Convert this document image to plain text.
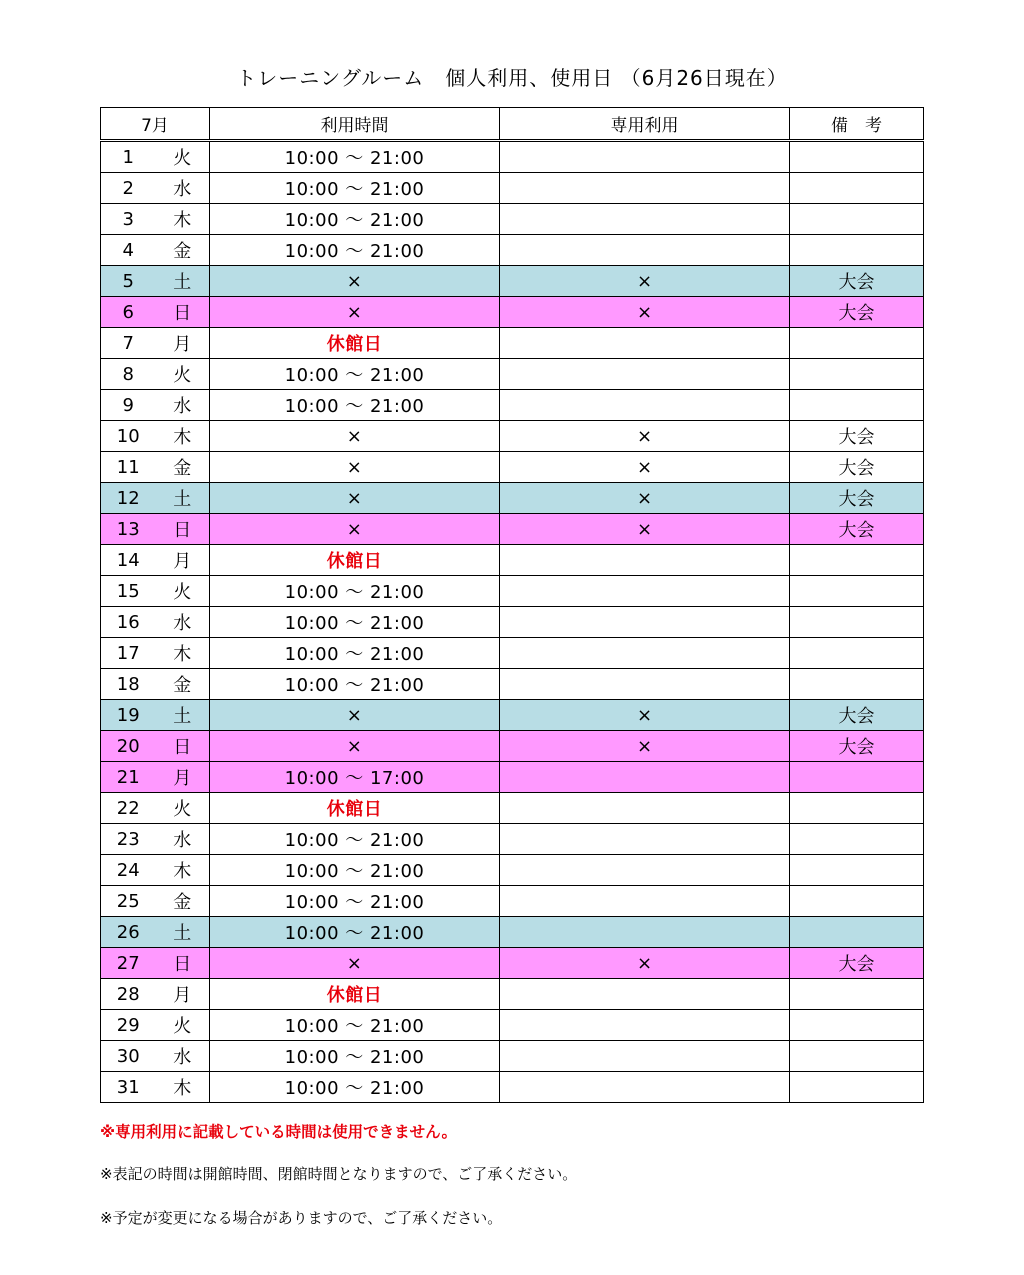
トレーニングルーム　個人利用、使用日 （6月26日現在）
7月		利用時間	専用利用	備　考
1	火	10:00 ～ 21:00		
2	水	10:00 ～ 21:00		
3	木	10:00 ～ 21:00		
4	金	10:00 ～ 21:00		
5	土	×	×	大会
6	日	×	×	大会
7	月	休館日		
8	火	10:00 ～ 21:00		
9	水	10:00 ～ 21:00		
10	木	×	×	大会
11	金	×	×	大会
12	土	×	×	大会
13	日	×	×	大会
14	月	休館日		
15	火	10:00 ～ 21:00		
16	水	10:00 ～ 21:00		
17	木	10:00 ～ 21:00		
18	金	10:00 ～ 21:00		
19	土	×	×	大会
20	日	×	×	大会
21	月	10:00 ～ 17:00		
22	火	休館日		
23	水	10:00 ～ 21:00		
24	木	10:00 ～ 21:00		
25	金	10:00 ～ 21:00		
26	土	10:00 ～ 21:00		
27	日	×	×	大会
28	月	休館日		
29	火	10:00 ～ 21:00		
30	水	10:00 ～ 21:00		
31	木	10:00 ～ 21:00		
※専用利用に記載している時間は使用できません。
※表記の時間は開館時間、閉館時間となりますので、ご了承ください。
※予定が変更になる場合がありますので、ご了承ください。
